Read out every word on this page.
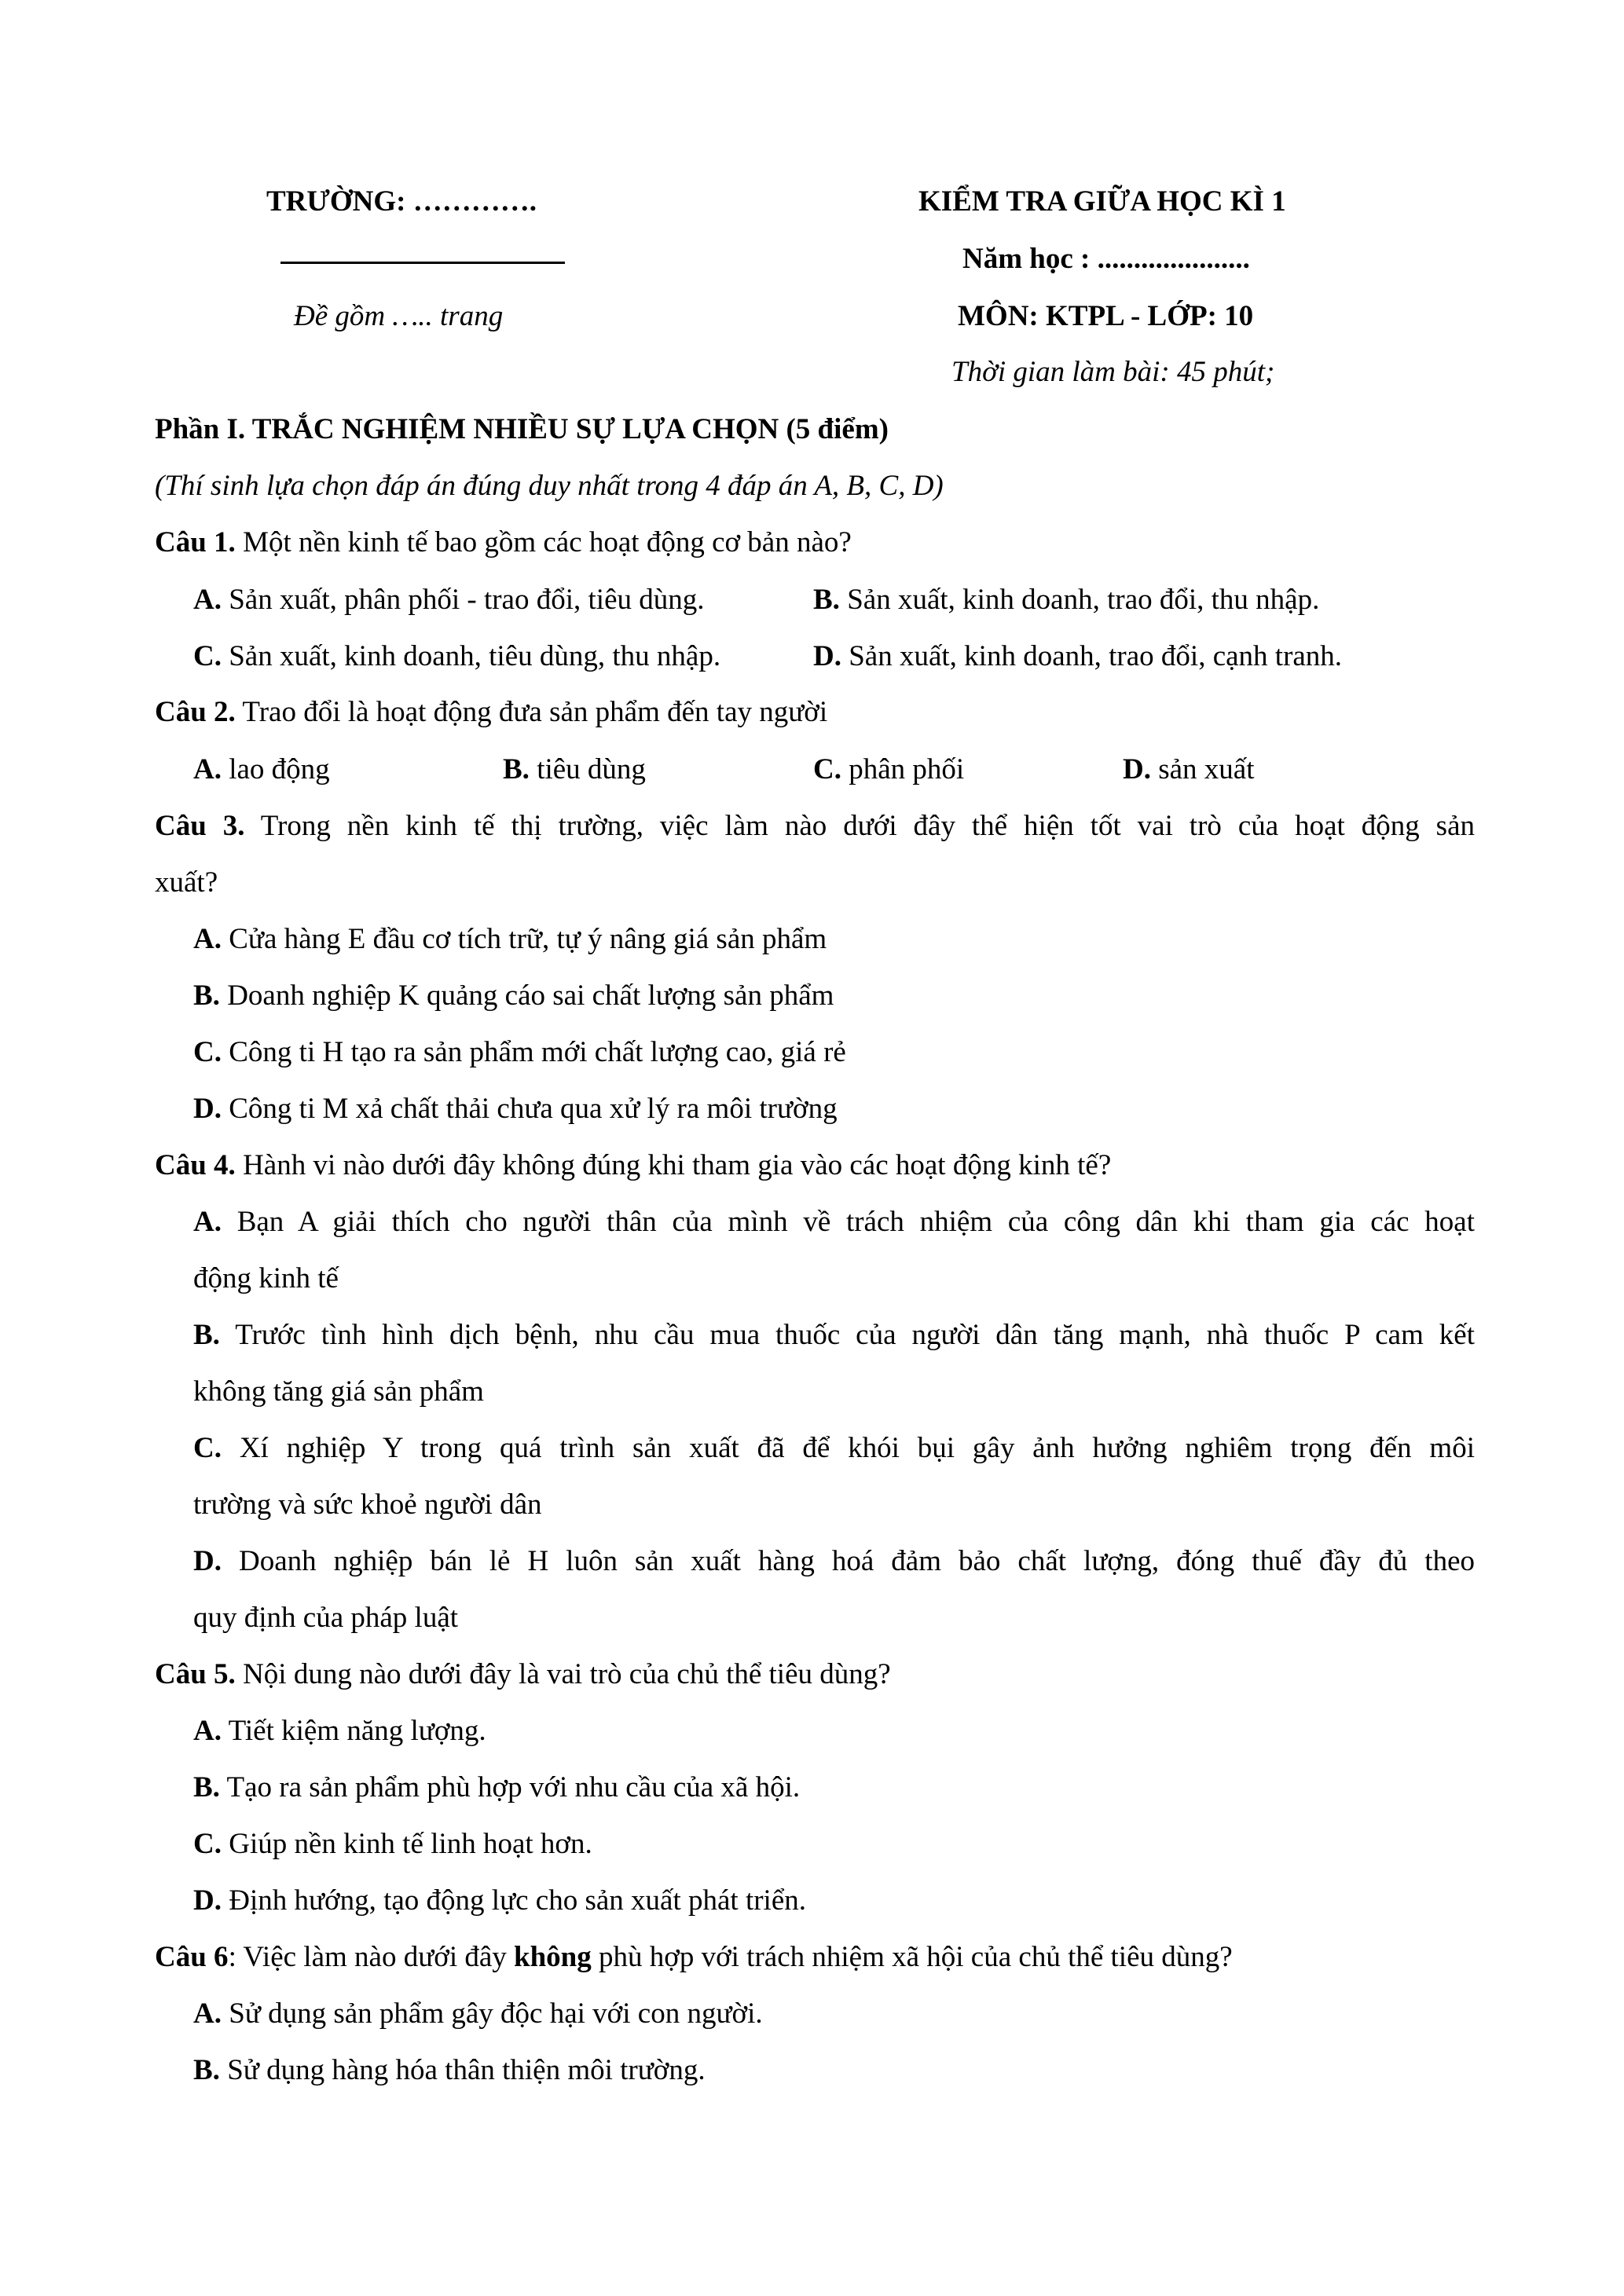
TRƯỜNG: ………….
Đề gồm ….. trang
KIỂM TRA GIỮA HỌC KÌ 1
Năm học : .....................
MÔN: KTPL - LỚP: 10
Thời gian làm bài: 45 phút;
Phần I. TRẮC NGHIỆM NHIỀU SỰ LỰA CHỌN (5 điểm)
(Thí sinh lựa chọn đáp án đúng duy nhất trong 4 đáp án A, B, C, D)
Câu 1. Một nền kinh tế bao gồm các hoạt động cơ bản nào?
A. Sản xuất, phân phối - trao đổi, tiêu dùng.	B. Sản xuất, kinh doanh, trao đổi, thu nhập.
C. Sản xuất, kinh doanh, tiêu dùng, thu nhập.	D. Sản xuất, kinh doanh, trao đổi, cạnh tranh.
Câu 2. Trao đổi là hoạt động đưa sản phẩm đến tay người
A. lao động	B. tiêu dùng	C. phân phối	D. sản xuất
Câu 3. Trong nền kinh tế thị trường, việc làm nào dưới đây thể hiện tốt vai trò của hoạt động sản
xuất?
A. Cửa hàng E đầu cơ tích trữ, tự ý nâng giá sản phẩm
B. Doanh nghiệp K quảng cáo sai chất lượng sản phẩm
C. Công ti H tạo ra sản phẩm mới chất lượng cao, giá rẻ
D. Công ti M xả chất thải chưa qua xử lý ra môi trường
Câu 4. Hành vi nào dưới đây không đúng khi tham gia vào các hoạt động kinh tế?
A. Bạn A giải thích cho người thân của mình về trách nhiệm của công dân khi tham gia các hoạt
động kinh tế
B. Trước tình hình dịch bệnh, nhu cầu mua thuốc của người dân tăng mạnh, nhà thuốc P cam kết
không tăng giá sản phẩm
C. Xí nghiệp Y trong quá trình sản xuất đã để khói bụi gây ảnh hưởng nghiêm trọng đến môi
trường và sức khoẻ người dân
D. Doanh nghiệp bán lẻ H luôn sản xuất hàng hoá đảm bảo chất lượng, đóng thuế đầy đủ theo
quy định của pháp luật
Câu 5. Nội dung nào dưới đây là vai trò của chủ thể tiêu dùng?
A. Tiết kiệm năng lượng.
B. Tạo ra sản phẩm phù hợp với nhu cầu của xã hội.
C. Giúp nền kinh tế linh hoạt hơn.
D. Định hướng, tạo động lực cho sản xuất phát triển.
Câu 6: Việc làm nào dưới đây không phù hợp với trách nhiệm xã hội của chủ thể tiêu dùng?
A. Sử dụng sản phẩm gây độc hại với con người.
B. Sử dụng hàng hóa thân thiện môi trường.
